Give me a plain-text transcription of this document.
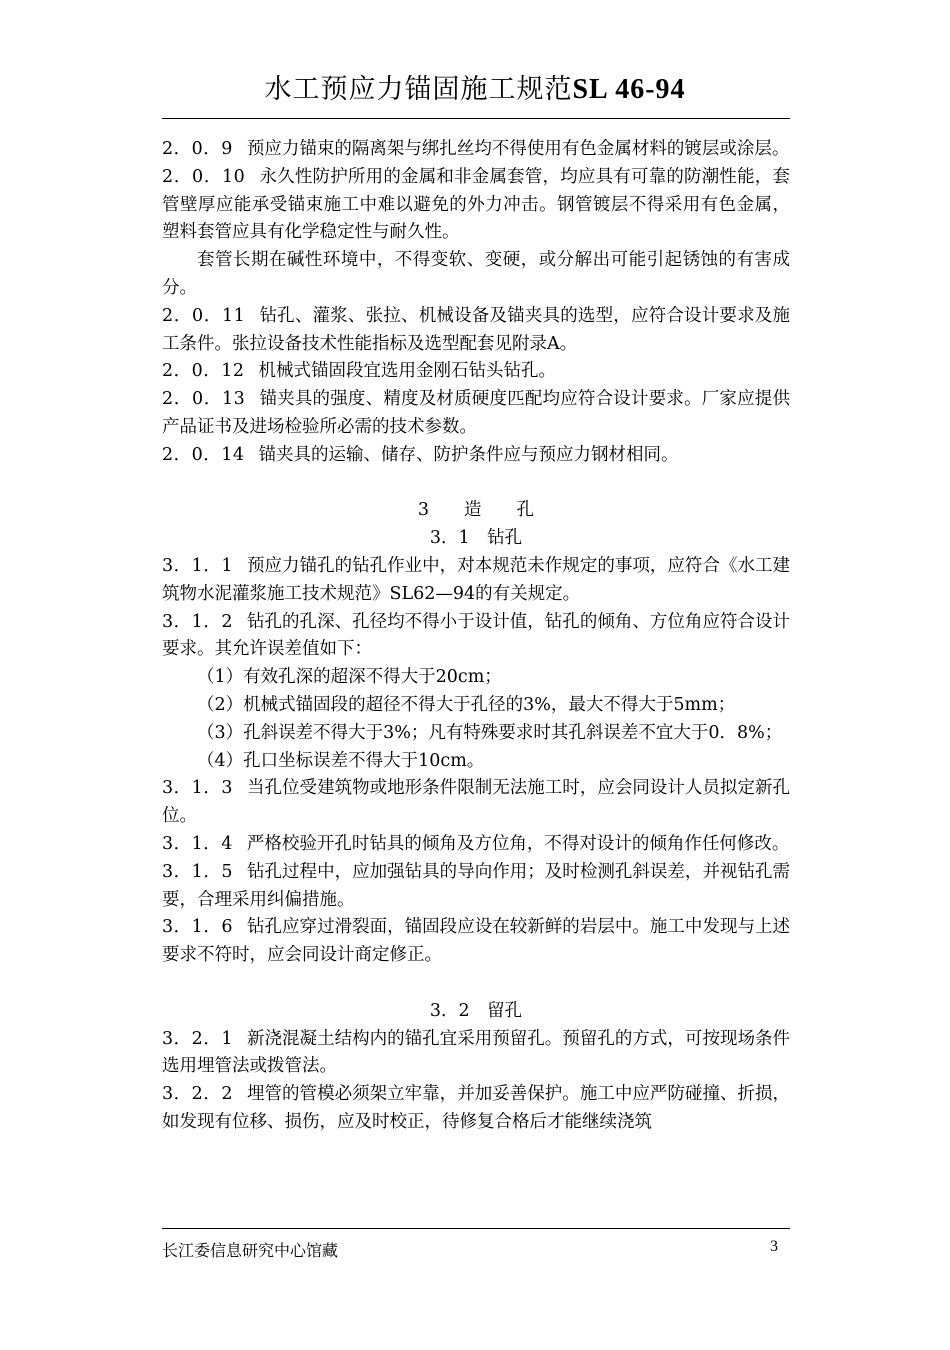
水工预应力锚固施工规范SL 46-94

2．0．9 预应力锚束的隔离架与绑扎丝均不得使用有色金属材料的镀层或涂层。

2．0．10 永久性防护所用的金属和非金属套管，均应具有可靠的防潮性能，套管壁厚应能承受锚束施工中难以避免的外力冲击。钢管镀层不得采用有色金属，塑料套管应具有化学稳定性与耐久性。

套管长期在碱性环境中，不得变软、变硬，或分解出可能引起锈蚀的有害成分。

2．0．11 钻孔、灌浆、张拉、机械设备及锚夹具的选型，应符合设计要求及施工条件。张拉设备技术性能指标及选型配套见附录A。

2．0．12 机械式锚固段宜选用金刚石钻头钻孔。

2．0．13 锚夹具的强度、精度及材质硬度匹配均应符合设计要求。厂家应提供产品证书及进场检验所必需的技术参数。

2．0．14 锚夹具的运输、储存、防护条件应与预应力钢材相同。

3　　造　　孔

3．1　钻孔

3．1．1 预应力锚孔的钻孔作业中，对本规范未作规定的事项，应符合《水工建筑物水泥灌浆施工技术规范》SL62—94的有关规定。

3．1．2 钻孔的孔深、孔径均不得小于设计值，钻孔的倾角、方位角应符合设计要求。其允许误差值如下：

（1）有效孔深的超深不得大于20cm；

（2）机械式锚固段的超径不得大于孔径的3%，最大不得大于5mm；

（3）孔斜误差不得大于3%；凡有特殊要求时其孔斜误差不宜大于0．8%；

（4）孔口坐标误差不得大于10cm。

3．1．3 当孔位受建筑物或地形条件限制无法施工时，应会同设计人员拟定新孔位。

3．1．4 严格校验开孔时钻具的倾角及方位角，不得对设计的倾角作任何修改。

3．1．5 钻孔过程中，应加强钻具的导向作用；及时检测孔斜误差，并视钻孔需要，合理采用纠偏措施。

3．1．6 钻孔应穿过滑裂面，锚固段应设在较新鲜的岩层中。施工中发现与上述要求不符时，应会同设计商定修正。

3．2　留孔

3．2．1 新浇混凝土结构内的锚孔宜采用预留孔。预留孔的方式，可按现场条件选用埋管法或拨管法。

3．2．2 埋管的管模必须架立牢靠，并加妥善保护。施工中应严防碰撞、折损，如发现有位移、损伤，应及时校正，待修复合格后才能继续浇筑

长江委信息研究中心馆藏	3
